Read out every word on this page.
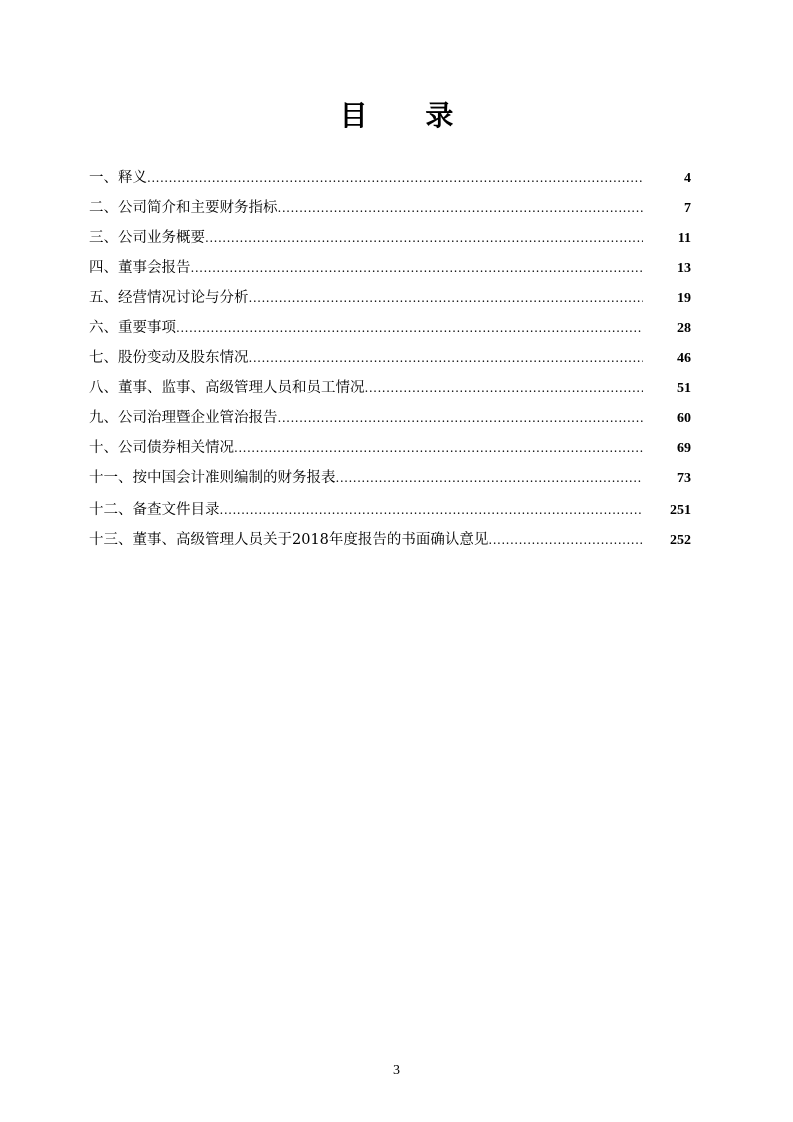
目 录
一、释义 .....	4
二、公司简介和主要财务指标 .....	7
三、公司业务概要 .....	11
四、董事会报告 .....	13
五、经营情况讨论与分析 .....	19
六、重要事项 .....	28
七、股份变动及股东情况 .....	46
八、董事、监事、高级管理人员和员工情况 .....	51
九、公司治理暨企业管治报告 .....	60
十、公司债券相关情况 .....	69
十一、按中国会计准则编制的财务报表 .....	73
十二、备查文件目录 .....	251
十三、董事、高级管理人员关于2018年度报告的书面确认意见 .....	252
3
